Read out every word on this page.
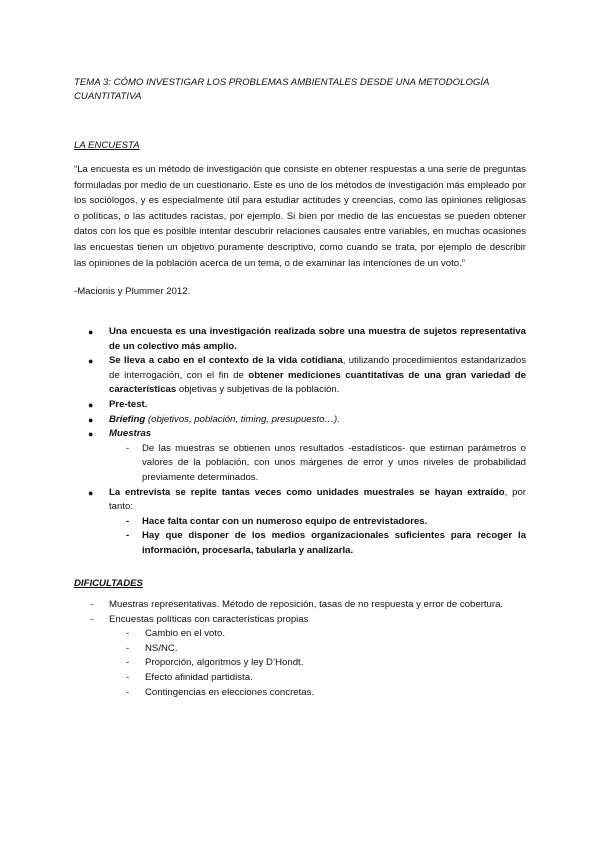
TEMA 3: CÓMO INVESTIGAR LOS PROBLEMAS AMBIENTALES DESDE UNA METODOLOGÍA CUANTITATIVA
LA ENCUESTA

“La encuesta es un método de investigación que consiste en obtener respuestas a una serie de preguntas formuladas por medio de un cuestionario. Este es uno de los métodos de investigación más empleado por los sociólogos, y es especialmente útil para estudiar actitudes y creencias, como las opiniones religiosas o políticas, o las actitudes racistas, por ejemplo. Si bien por medio de las encuestas se pueden obtener datos con los que es posible intentar descubrir relaciones causales entre variables, en muchas ocasiones las encuestas tienen un objetivo puramente descriptivo, como cuando se trata, por ejemplo de describir las opiniones de la población acerca de un tema, o de examinar las intenciones de un voto.”

-Macionis y Plummer 2012.
● Una encuesta es una investigación realizada sobre una muestra de sujetos representativa de un colectivo más amplio.
● Se lleva a cabo en el contexto de la vida cotidiana, utilizando procedimientos estandarizados de interrogación, con el fin de obtener mediciones cuantitativas de una gran variedad de características objetivas y subjetivas de la población.
● Pre-test.
● Briefing (objetivos, población, timing, presupuesto…).
● Muestras
- De las muestras se obtienen unos resultados -estadísticos- que estiman parámetros o valores de la población, con unos márgenes de error y unos niveles de probabilidad previamente determinados.
● La entrevista se repite tantas veces como unidades muestrales se hayan extraído, por tanto:
- Hace falta contar con un numeroso equipo de entrevistadores.
- Hay que disponer de los medios organizacionales suficientes para recoger la información, procesarla, tabularla y analizarla.
DIFICULTADES
- Muestras representativas. Método de reposición, tasas de no respuesta y error de cobertura.
- Encuestas políticas con características propias
- Cambio en el voto.
- NS/NC.
- Proporción, algoritmos y ley D’Hondt.
- Efecto afinidad partidista.
- Contingencias en elecciones concretas.
